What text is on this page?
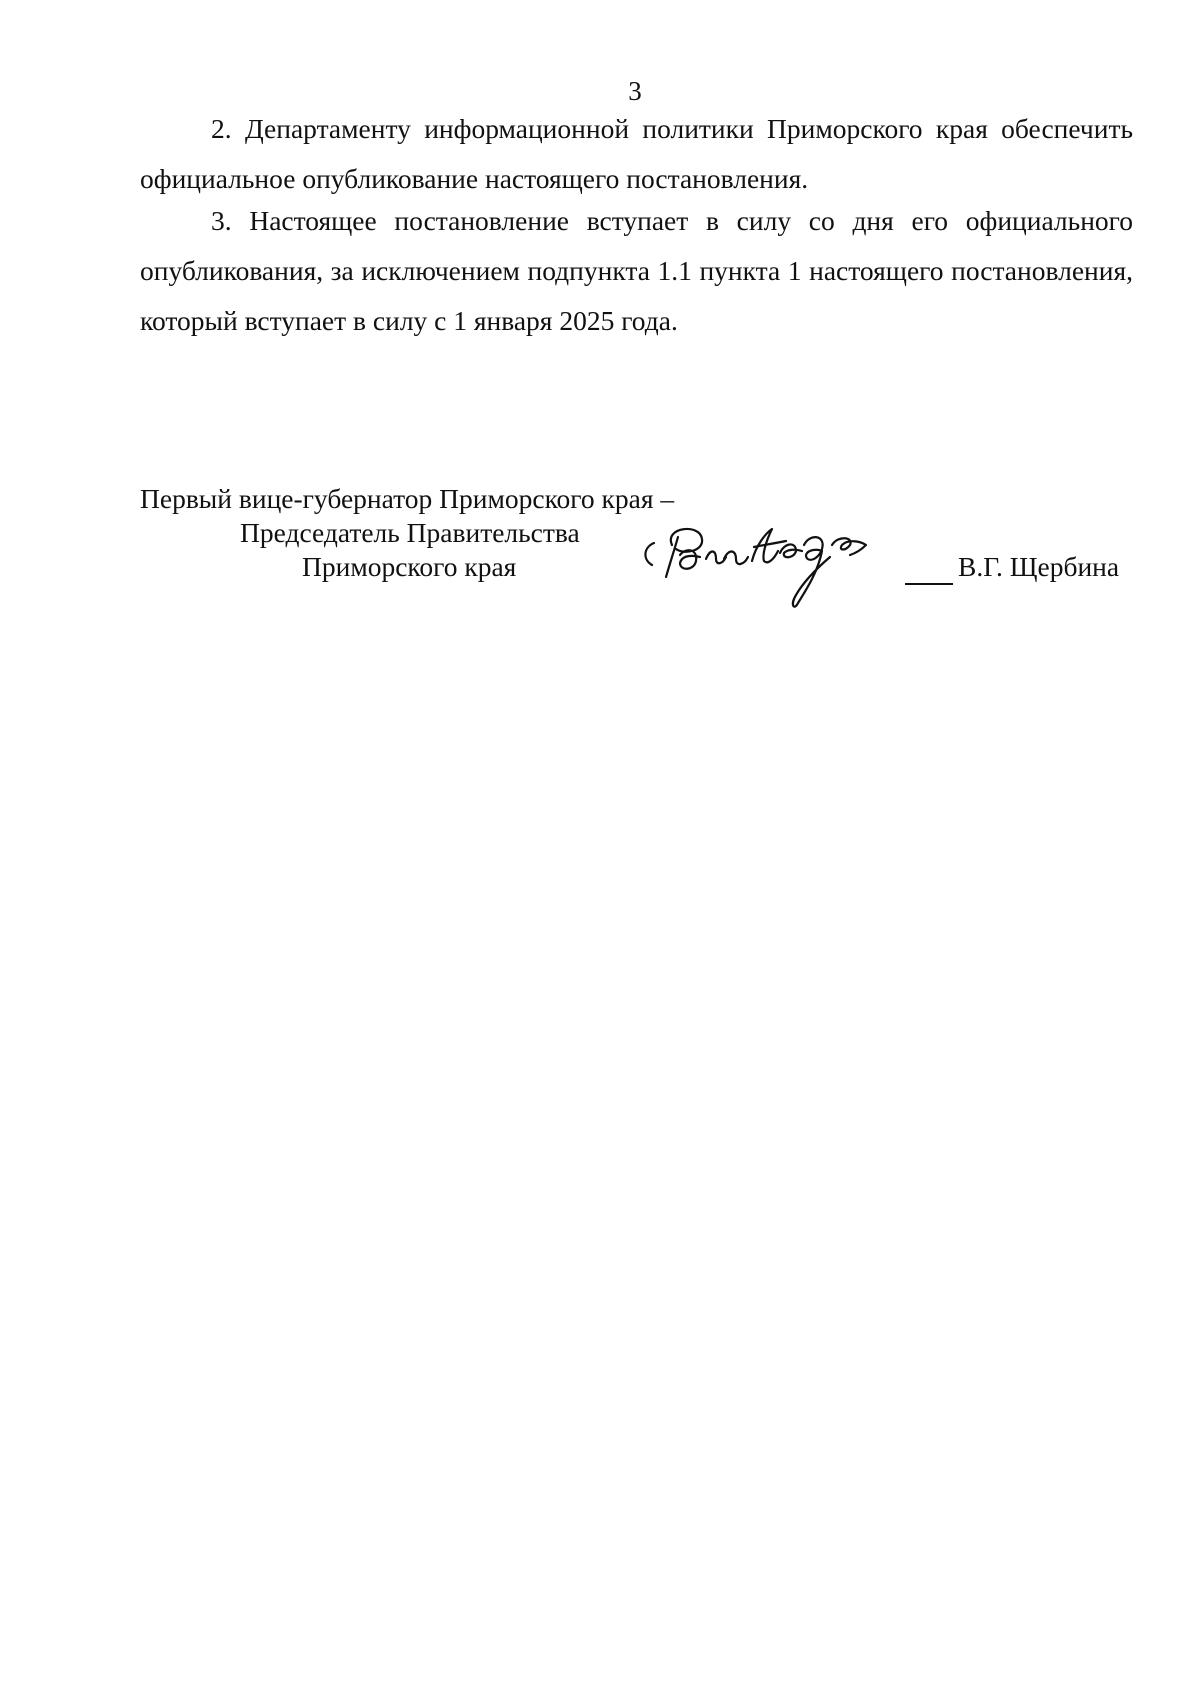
3

2. Департаменту информационной политики Приморского края обеспечить официальное опубликование настоящего постановления.

3. Настоящее постановление вступает в силу со дня его официального опубликования, за исключением подпункта 1.1 пункта 1 настоящего постановления, который вступает в силу с 1 января 2025 года.

Первый вице-губернатор Приморского края –
Председатель Правительства
Приморского края	В.Г. Щербина
